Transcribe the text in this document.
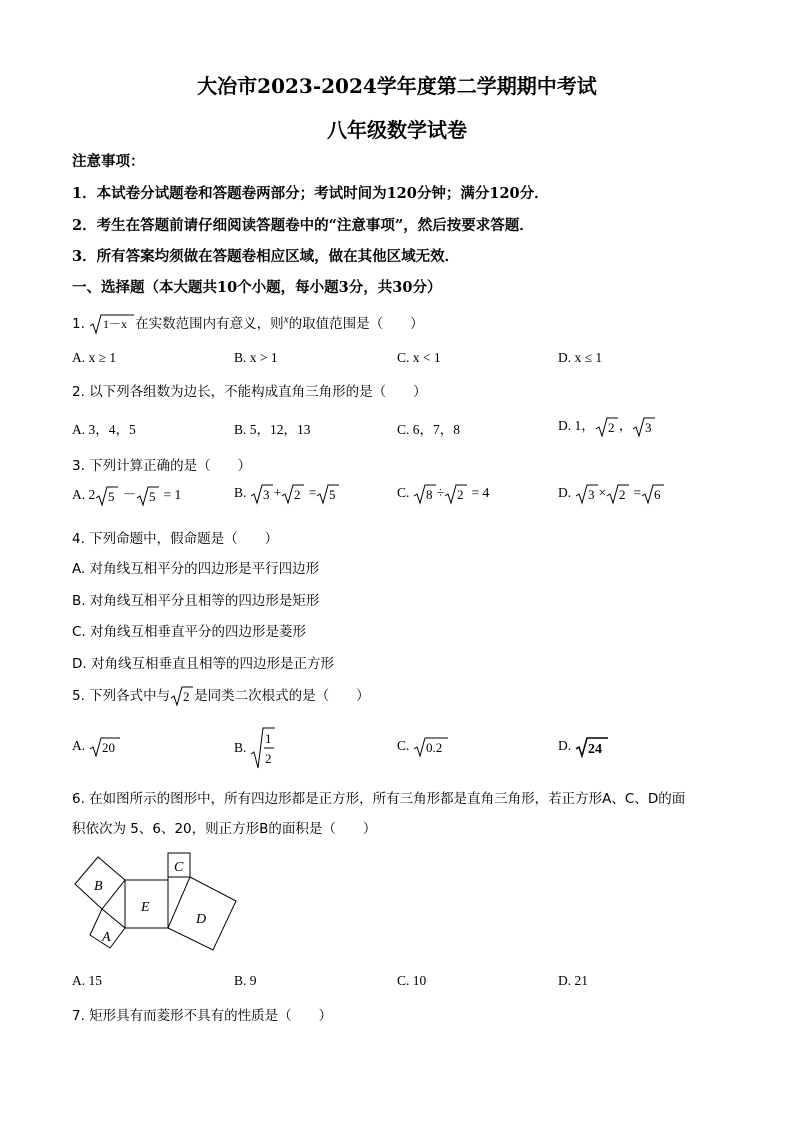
大冶市2023-2024学年度第二学期期中考试
八年级数学试卷
注意事项：
1．本试卷分试题卷和答题卷两部分；考试时间为120分钟；满分120分．
2．考生在答题前请仔细阅读答题卷中的“注意事项”，然后按要求答题．
3．所有答案均须做在答题卷相应区域，做在其他区域无效．
一、选择题（本大题共10个小题，每小题3分，共30分）
1. 1－x 在实数范围内有意义，则$^x$的取值范围是（　　）
A. x ≥ 1	B. x > 1	C. x < 1	D. x ≤ 1
2. 以下列各组数为边长，不能构成直角三角形的是（　　）
A. 3，4，5	B. 5，12，13	C. 6，7，8	D. 1， 2 ， 3
3. 下列计算正确的是（　　）
A. 2 5 － 5 = 1	B. 3 + 2 = 5	C. 8 ÷ 2 = 4	D. 3 × 2 = 6
4. 下列命题中，假命题是（　　）
A. 对角线互相平分的四边形是平行四边形
B. 对角线互相平分且相等的四边形是矩形
C. 对角线互相垂直平分的四边形是菱形
D. 对角线互相垂直且相等的四边形是正方形
5. 下列各式中与 2 是同类二次根式的是（　　）
A. 20	B.
1
2
C. 0.2	D. 24
6. 在如图所示的图形中，所有四边形都是正方形，所有三角形都是直角三角形，若正方形A、C、D的面
积依次为 5、6、20，则正方形B的面积是（　　）
B
A
E
C
D
A. 15	B. 9	C. 10	D. 21
7. 矩形具有而菱形不具有的性质是（　　）
